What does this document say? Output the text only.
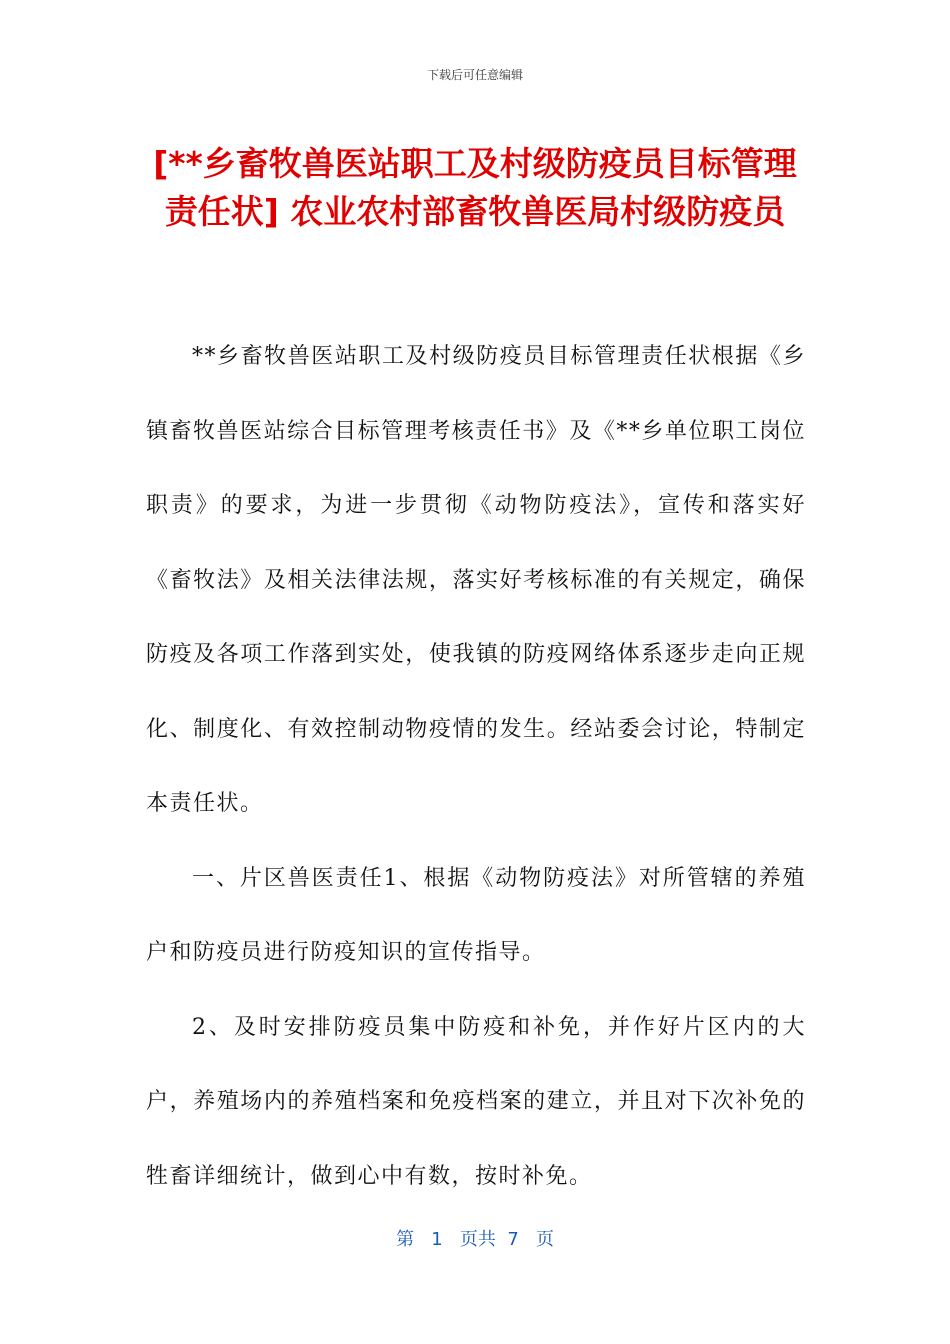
下载后可任意编辑
[**乡畜牧兽医站职工及村级防疫员目标管理责任状] 农业农村部畜牧兽医局村级防疫员

**乡畜牧兽医站职工及村级防疫员目标管理责任状根据《乡镇畜牧兽医站综合目标管理考核责任书》及《**乡单位职工岗位职责》的要求，为进一步贯彻《动物防疫法》，宣传和落实好《畜牧法》及相关法律法规，落实好考核标准的有关规定，确保防疫及各项工作落到实处，使我镇的防疫网络体系逐步走向正规化、制度化、有效控制动物疫情的发生。经站委会讨论，特制定本责任状。

一、片区兽医责任1、根据《动物防疫法》对所管辖的养殖户和防疫员进行防疫知识的宣传指导。

2、及时安排防疫员集中防疫和补免，并作好片区内的大户，养殖场内的养殖档案和免疫档案的建立，并且对下次补免的牲畜详细统计，做到心中有数，按时补免。

第 1 页共 7 页
